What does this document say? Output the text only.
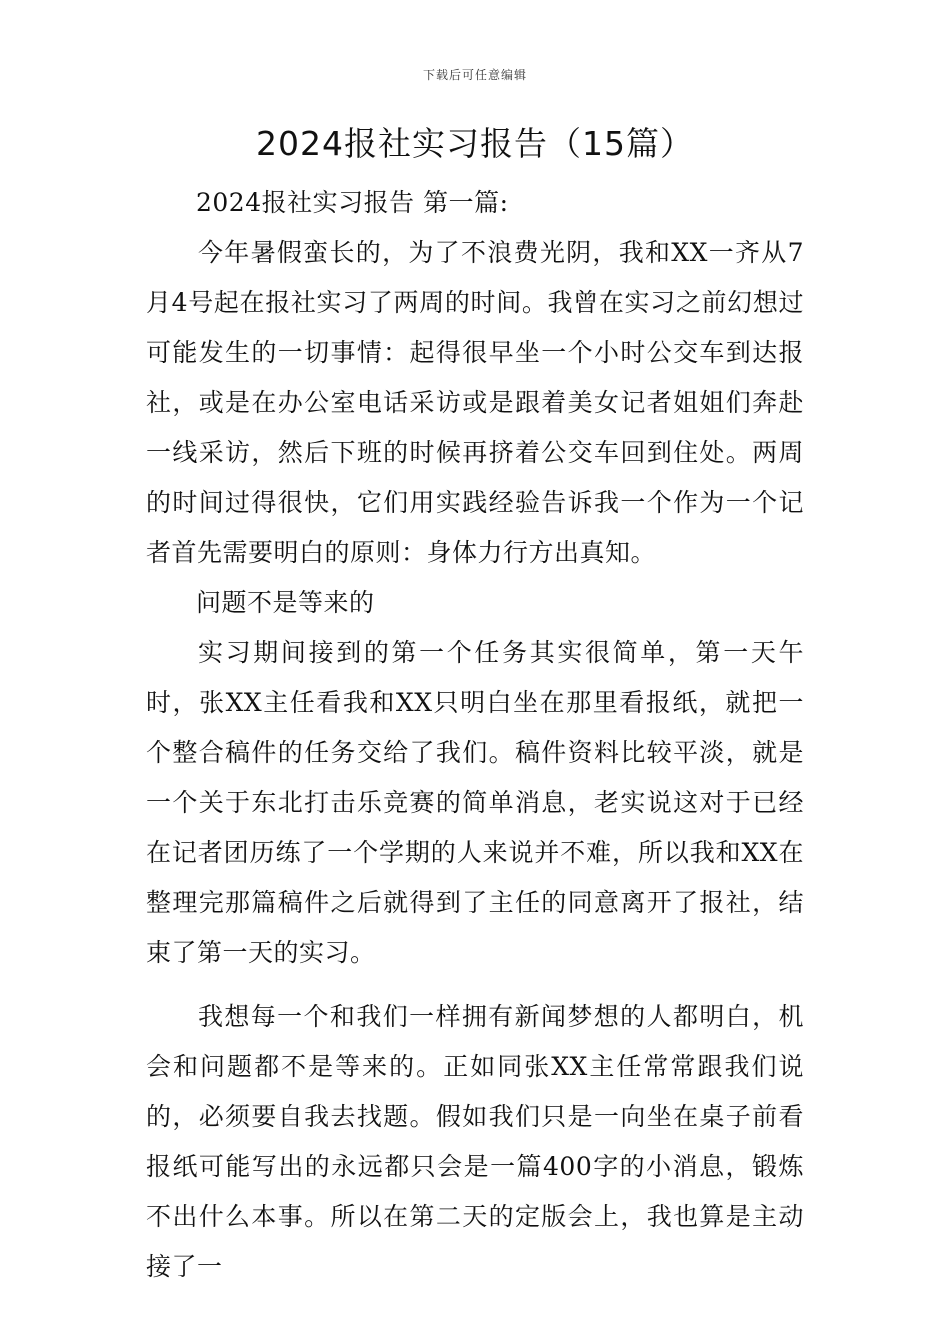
下载后可任意编辑
2024报社实习报告（15篇）

2024报社实习报告 第一篇:

今年暑假蛮长的，为了不浪费光阴，我和XX一齐从7月4号起在报社实习了两周的时间。我曾在实习之前幻想过可能发生的一切事情：起得很早坐一个小时公交车到达报社，或是在办公室电话采访或是跟着美女记者姐姐们奔赴一线采访，然后下班的时候再挤着公交车回到住处。两周的时间过得很快，它们用实践经验告诉我一个作为一个记者首先需要明白的原则：身体力行方出真知。

问题不是等来的

实习期间接到的第一个任务其实很简单，第一天午时，张XX主任看我和XX只明白坐在那里看报纸，就把一个整合稿件的任务交给了我们。稿件资料比较平淡，就是一个关于东北打击乐竞赛的简单消息，老实说这对于已经在记者团历练了一个学期的人来说并不难，所以我和XX在整理完那篇稿件之后就得到了主任的同意离开了报社，结束了第一天的实习。

我想每一个和我们一样拥有新闻梦想的人都明白，机会和问题都不是等来的。正如同张XX主任常常跟我们说的，必须要自我去找题。假如我们只是一向坐在桌子前看报纸可能写出的永远都只会是一篇400字的小消息，锻炼不出什么本事。所以在第二天的定版会上，我也算是主动接了一
